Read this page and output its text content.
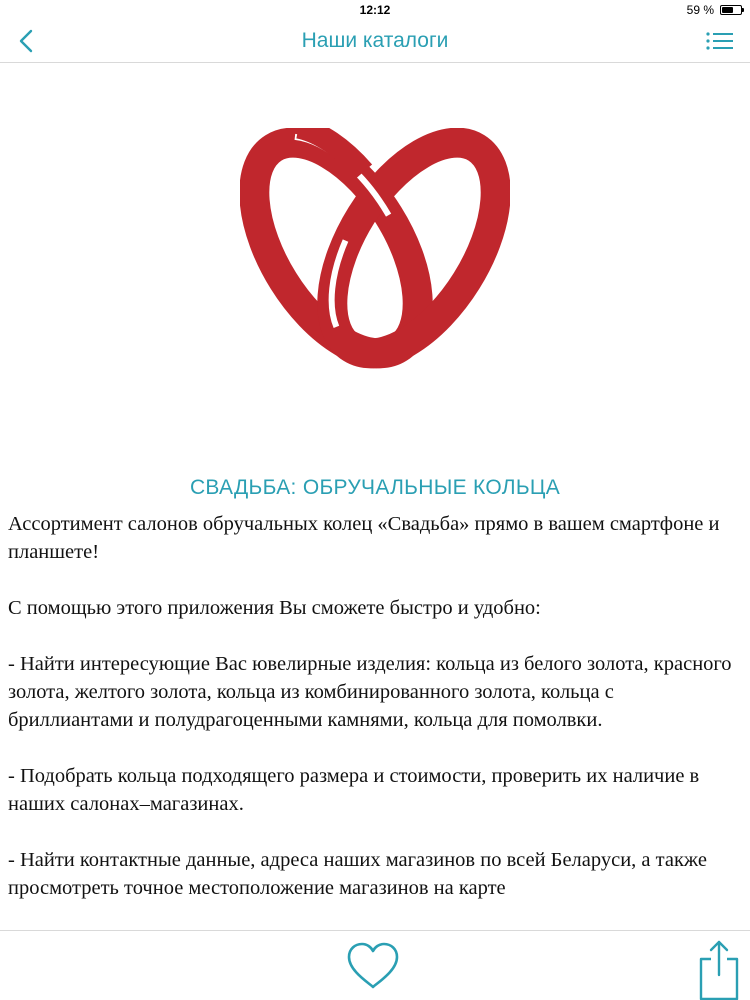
12:12	59 %
Наши каталоги
СВАДЬБА: ОБРУЧАЛЬНЫЕ КОЛЬЦА

Ассортимент салонов обручальных колец «Свадьба» прямо в вашем смартфоне и планшете!

С помощью этого приложения Вы сможете быстро и удобно:

- Найти интересующие Вас ювелирные изделия: кольца из белого золота, красного золота, желтого золота, кольца из комбинированного золота, кольца с бриллиантами и полудрагоценными камнями, кольца для помолвки.

- Подобрать кольца подходящего размера и стоимости, проверить их наличие в наших салонах–магазинах.

- Найти контактные данные, адреса наших магазинов по всей Беларуси, а также просмотреть точное местоположение магазинов на карте
